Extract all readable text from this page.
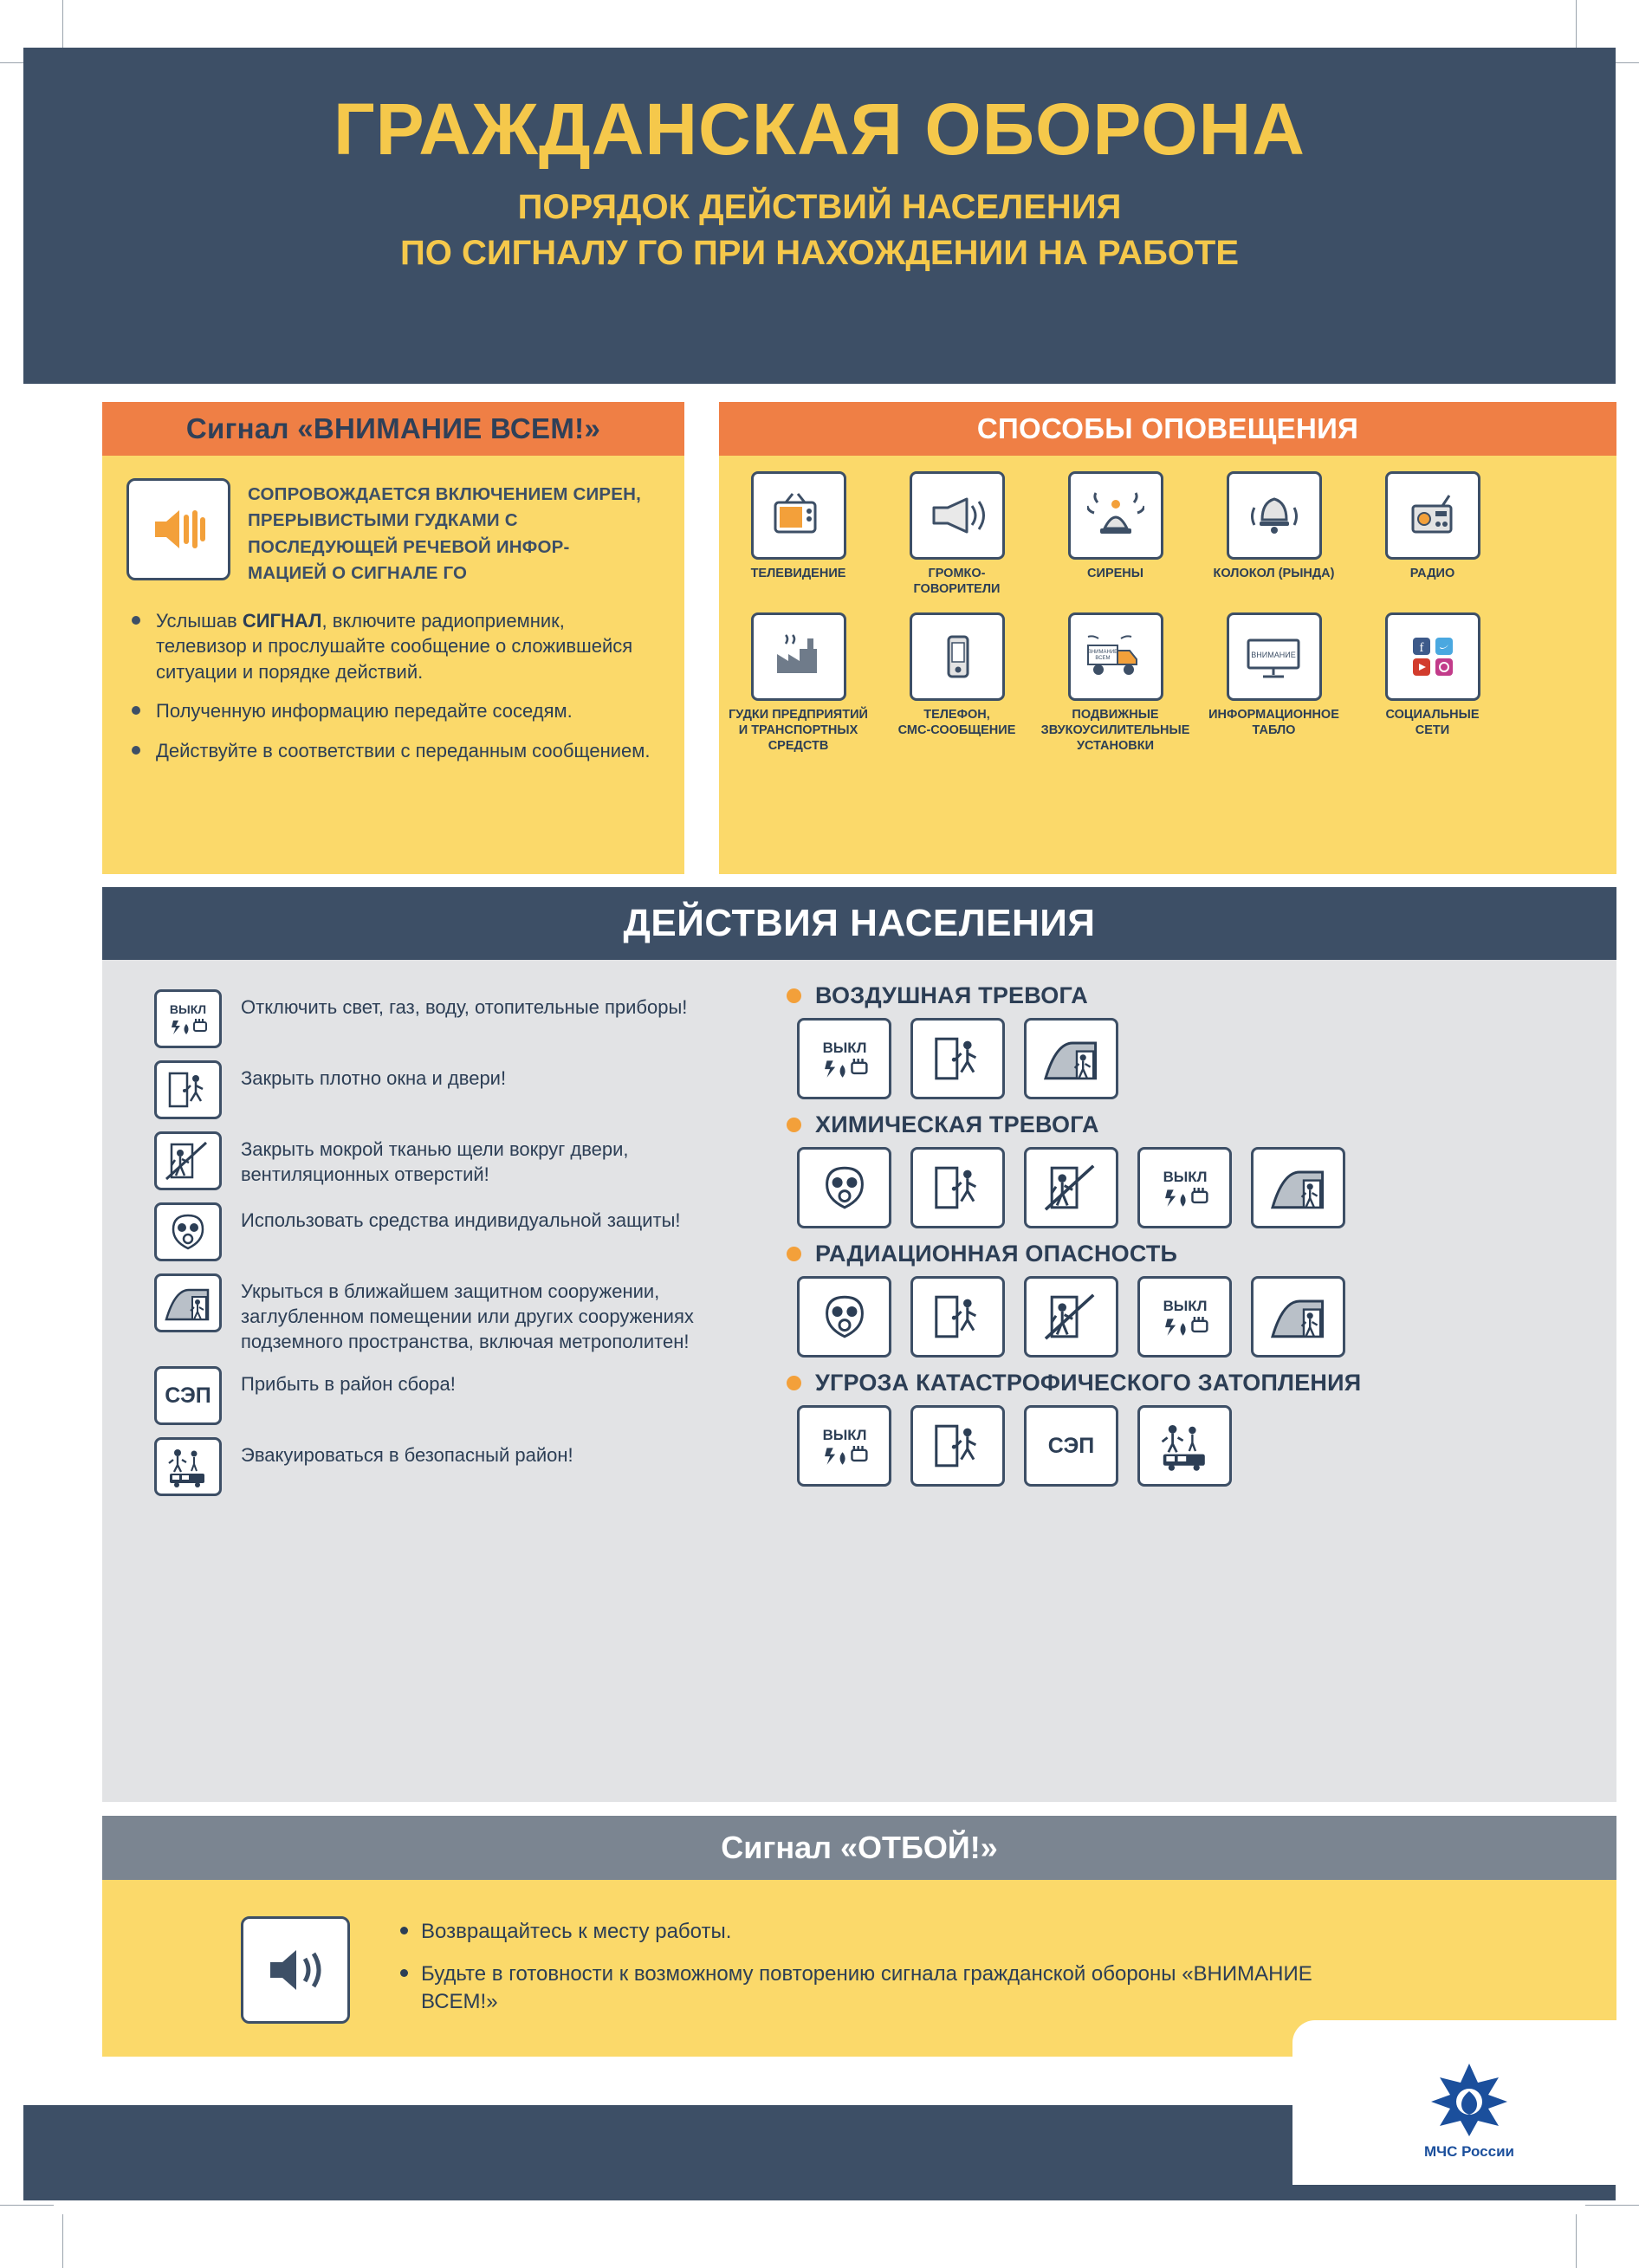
ГРАЖДАНСКАЯ ОБОРОНА
ПОРЯДОК ДЕЙСТВИЙ НАСЕЛЕНИЯ
ПО СИГНАЛУ ГО ПРИ НАХОЖДЕНИИ НА РАБОТЕ
Сигнал «ВНИМАНИЕ ВСЕМ!»
СОПРОВОЖДАЕТСЯ ВКЛЮЧЕНИЕМ СИРЕН, ПРЕРЫВИСТЫМИ ГУДКАМИ С ПОСЛЕДУЮЩЕЙ РЕЧЕВОЙ ИНФОР-МАЦИЕЙ О СИГНАЛЕ ГО
Услышав СИГНАЛ, включите радиоприемник, телевизор и прослушайте сообщение о сложившейся ситуации и порядке действий.
Полученную информацию передайте соседям.
Действуйте в соответствии с переданным сообщением.
СПОСОБЫ ОПОВЕЩЕНИЯ
ТЕЛЕВИДЕНИЕ	ГРОМКО-
ГОВОРИТЕЛИ
СИРЕНЫ	КОЛОКОЛ (РЫНДА)	РАДИО
ГУДКИ ПРЕДПРИЯТИЙ
И ТРАНСПОРТНЫХ
СРЕДСТВ
ТЕЛЕФОН,
СМС-СООБЩЕНИЕ
ВНИМАНИЕ
ВСЕМ
ПОДВИЖНЫЕ
ЗВУКОУСИЛИТЕЛЬНЫЕ
УСТАНОВКИ
ВНИМАНИЕ
ИНФОРМАЦИОННОЕ
ТАБЛО
f
СОЦИАЛЬНЫЕ
СЕТИ
ДЕЙСТВИЯ НАСЕЛЕНИЯ
ВЫКЛ Отключить свет, газ, воду, отопительные приборы!
Закрыть плотно окна и двери!
Закрыть мокрой тканью щели вокруг двери, вентиляционных отверстий!
Использовать средства индивидуальной защиты!
Укрыться в ближайшем защитном сооружении, заглубленном помещении или других сооружениях подземного пространства, включая метрополитен!
СЭП Прибыть в район сбора!
Эвакуироваться в безопасный район!
ВОЗДУШНАЯ ТРЕВОГА
ВЫКЛ
ХИМИЧЕСКАЯ ТРЕВОГА
ВЫКЛ
РАДИАЦИОННАЯ ОПАСНОСТЬ
ВЫКЛ
УГРОЗА КАТАСТРОФИЧЕСКОГО ЗАТОПЛЕНИЯ
ВЫКЛ	СЭП
Сигнал «ОТБОЙ!»
Возвращайтесь к месту работы.
Будьте в готовности к возможному повторению сигнала гражданской обороны «ВНИМАНИЕ ВСЕМ!»
МЧС России
